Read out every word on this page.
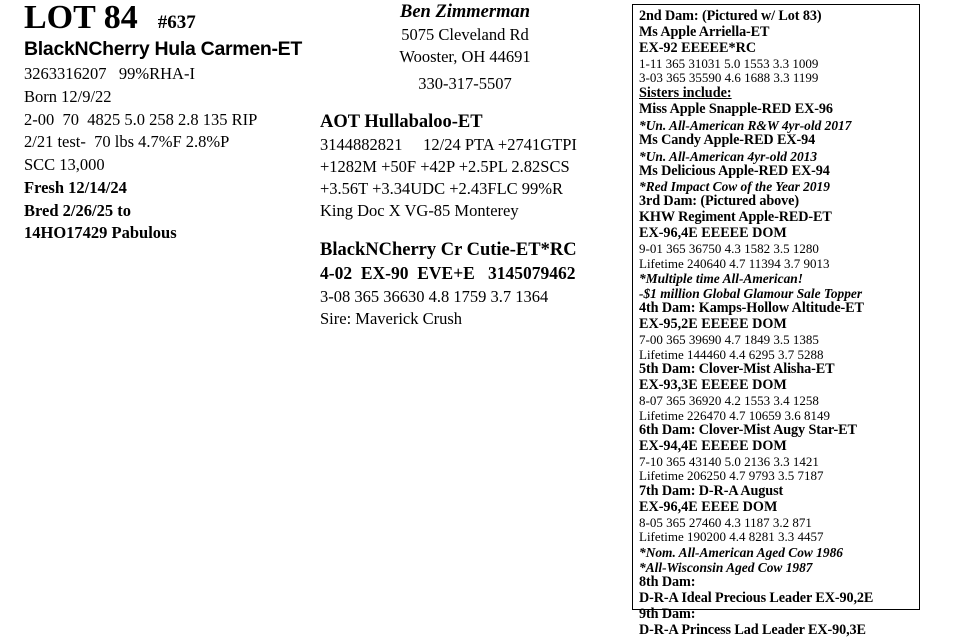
LOT 84	#637
BlackNCherry Hula Carmen-ET
3263316207   99%RHA-I
Born 12/9/22
2-00  70  4825 5.0 258 2.8 135 RIP
2/21 test-  70 lbs 4.7%F 2.8%P
SCC 13,000
Fresh 12/14/24
Bred 2/26/25 to
14HO17429 Pabulous
Ben Zimmerman
5075 Cleveland Rd
Wooster, OH 44691
330-317-5507
AOT Hullabaloo-ET
3144882821     12/24 PTA +2741GTPI
+1282M +50F +42P +2.5PL 2.82SCS
+3.56T +3.34UDC +2.43FLC 99%R
King Doc X VG-85 Monterey
BlackNCherry Cr Cutie-ET*RC
4-02  EX-90  EVE+E   3145079462
3-08 365 36630 4.8 1759 3.7 1364
Sire: Maverick Crush
2nd Dam: (Pictured w/ Lot 83)
Ms Apple Arriella-ET
EX-92 EEEEE*RC
1-11 365 31031 5.0 1553 3.3 1009
3-03 365 35590 4.6 1688 3.3 1199
Sisters include:
Miss Apple Snapple-RED EX-96
*Un. All-American R&W 4yr-old 2017
Ms Candy Apple-RED EX-94
*Un. All-American 4yr-old 2013
Ms Delicious Apple-RED EX-94
*Red Impact Cow of the Year 2019
3rd Dam: (Pictured above)
KHW Regiment Apple-RED-ET
EX-96,4E EEEEE DOM
9-01 365 36750 4.3 1582 3.5 1280
Lifetime 240640 4.7 11394 3.7 9013
*Multiple time All-American!
-$1 million Global Glamour Sale Topper
4th Dam: Kamps-Hollow Altitude-ET
EX-95,2E EEEEE DOM
7-00 365 39690 4.7 1849 3.5 1385
Lifetime 144460 4.4 6295 3.7 5288
5th Dam: Clover-Mist Alisha-ET
EX-93,3E EEEEE DOM
8-07 365 36920 4.2 1553 3.4 1258
Lifetime 226470 4.7 10659 3.6 8149
6th Dam: Clover-Mist Augy Star-ET
EX-94,4E EEEEE DOM
7-10 365 43140 5.0 2136 3.3 1421
Lifetime 206250 4.7 9793 3.5 7187
7th Dam: D-R-A August
EX-96,4E EEEE DOM
8-05 365 27460 4.3 1187 3.2 871
Lifetime 190200 4.4 8281 3.3 4457
*Nom. All-American Aged Cow 1986
*All-Wisconsin Aged Cow 1987
8th Dam:
D-R-A Ideal Precious Leader EX-90,2E
9th Dam:
D-R-A Princess Lad Leader EX-90,3E
